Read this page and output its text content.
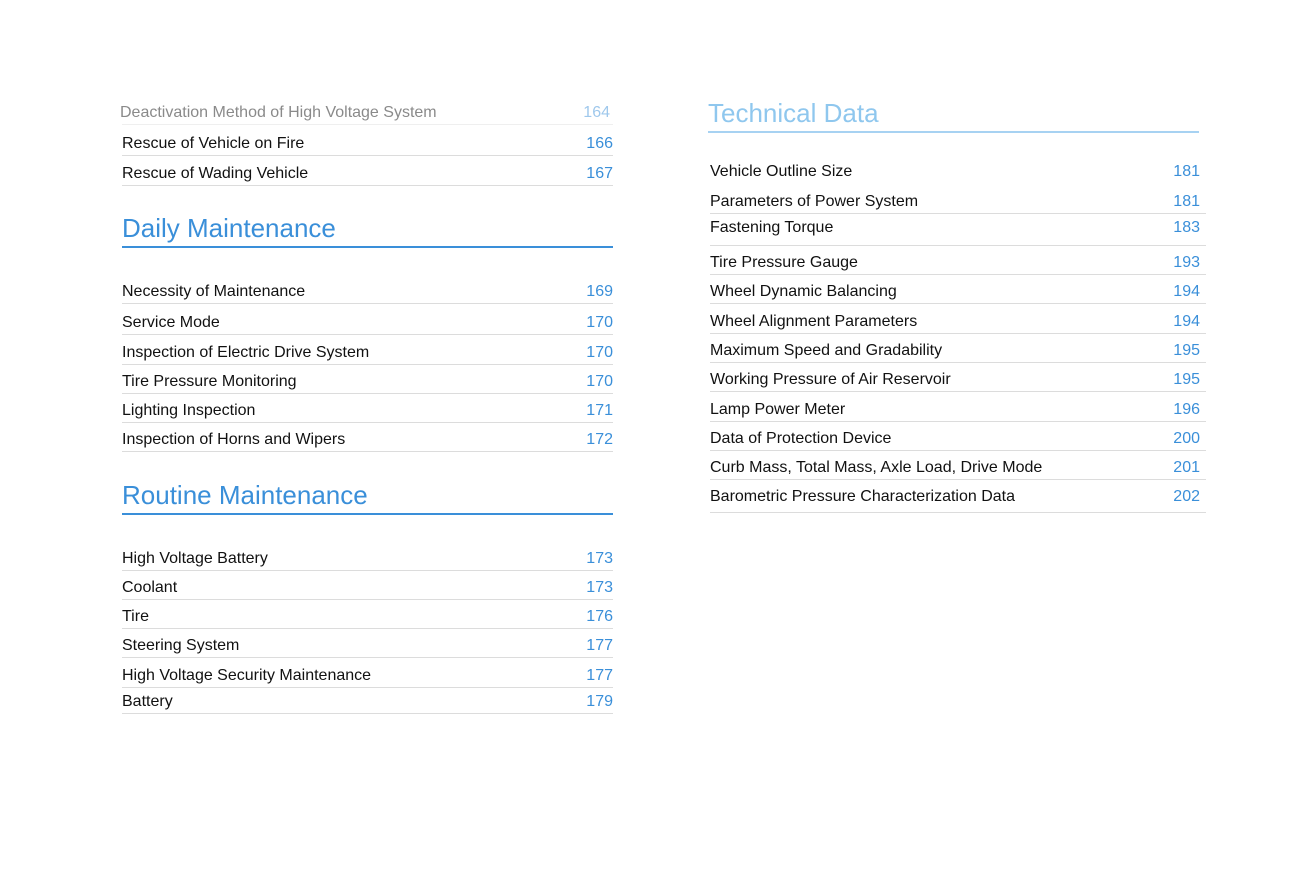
Deactivation Method of High Voltage System	164
Rescue of Vehicle on Fire	166
Rescue of Wading Vehicle	167
Daily Maintenance
Necessity of Maintenance	169
Service Mode	170
Inspection of Electric Drive System	170
Tire Pressure Monitoring	170
Lighting Inspection	171
Inspection of Horns and Wipers	172
Routine Maintenance
High Voltage Battery	173
Coolant	173
Tire	176
Steering System	177
High Voltage Security Maintenance	177
Battery	179
Technical Data
Vehicle Outline Size	181
Parameters of Power System	181
Fastening Torque	183
Tire Pressure Gauge	193
Wheel Dynamic Balancing	194
Wheel Alignment Parameters	194
Maximum Speed and Gradability	195
Working Pressure of Air Reservoir	195
Lamp Power Meter	196
Data of Protection Device	200
Curb Mass, Total Mass, Axle Load, Drive Mode	201
Barometric Pressure Characterization Data	202
